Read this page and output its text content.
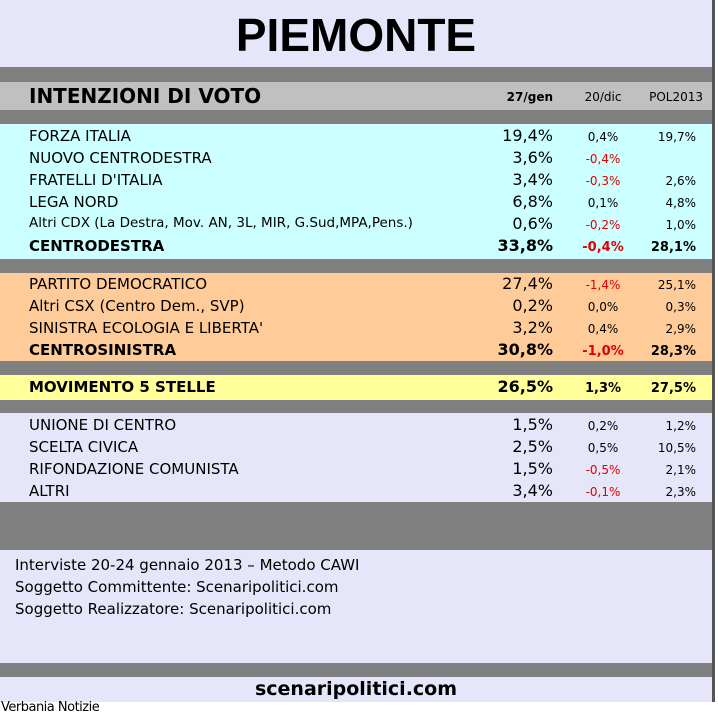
PIEMONTE
INTENZIONI DI VOTO	27/gen	20/dic	POL2013
FORZA ITALIA	19,4%	0,4%	19,7%
NUOVO CENTRODESTRA	3,6%	-0,4%
FRATELLI D'ITALIA	3,4%	-0,3%	2,6%
LEGA NORD	6,8%	0,1%	4,8%
Altri CDX (La Destra, Mov. AN, 3L, MIR, G.Sud,MPA,Pens.)	0,6%	-0,2%	1,0%
CENTRODESTRA	33,8%	-0,4%	28,1%
PARTITO DEMOCRATICO	27,4%	-1,4%	25,1%
Altri CSX (Centro Dem., SVP)	0,2%	0,0%	0,3%
SINISTRA ECOLOGIA E LIBERTA'	3,2%	0,4%	2,9%
CENTROSINISTRA	30,8%	-1,0%	28,3%
MOVIMENTO 5 STELLE	26,5%	1,3%	27,5%
UNIONE DI CENTRO	1,5%	0,2%	1,2%
SCELTA CIVICA	2,5%	0,5%	10,5%
RIFONDAZIONE COMUNISTA	1,5%	-0,5%	2,1%
ALTRI	3,4%	-0,1%	2,3%
Interviste 20-24 gennaio 2013 – Metodo CAWI
Soggetto Committente: Scenaripolitici.com
Soggetto Realizzatore: Scenaripolitici.com
scenaripolitici.com
Verbania Notizie
